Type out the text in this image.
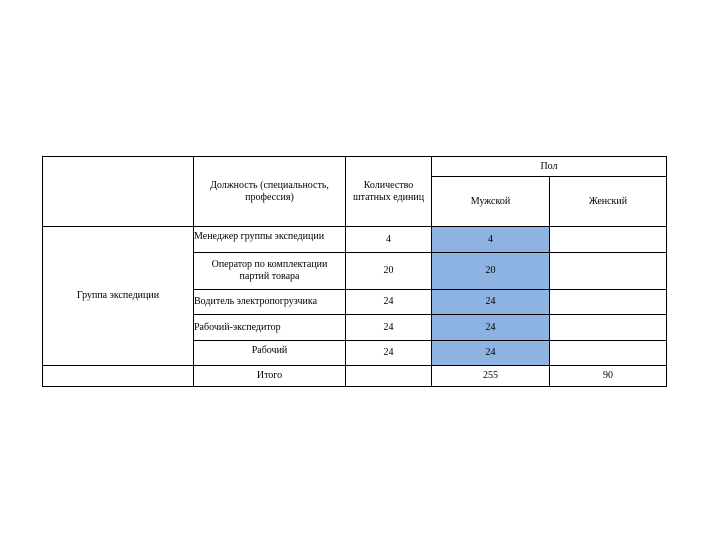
	Должность (специальность, профессия)	Количество штатных единиц	Пол	
			Мужской	Женский

Группа экспедиции	Менеджер группы экспедиции	4	4	
	Оператор по комплектации партий товара	20	20	
	Водитель электропогрузчика	24	24	
	Рабочий-экспедитор	24	24	
	Рабочий	24	24	
	Итого		255	90
